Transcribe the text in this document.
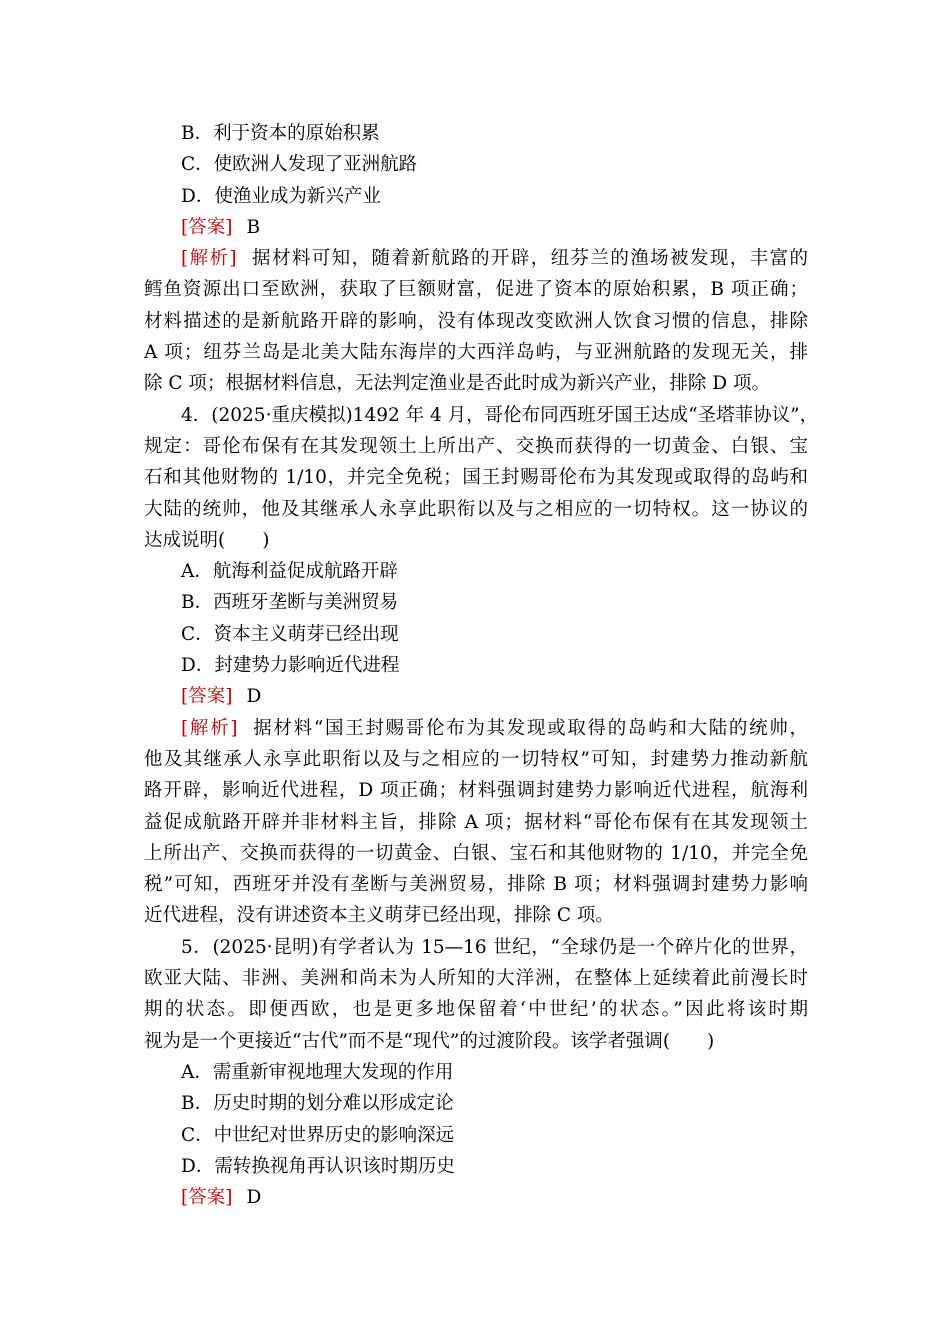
B．利于资本的原始积累
C．使欧洲人发现了亚洲航路
D．使渔业成为新兴产业
[答案] B
[解析] 据材料可知，随着新航路的开辟，纽芬兰的渔场被发现，丰富的
鳕鱼资源出口至欧洲，获取了巨额财富，促进了资本的原始积累，B 项正确；
材料描述的是新航路开辟的影响，没有体现改变欧洲人饮食习惯的信息，排除
A 项；纽芬兰岛是北美大陆东海岸的大西洋岛屿，与亚洲航路的发现无关，排
除 C 项；根据材料信息，无法判定渔业是否此时成为新兴产业，排除 D 项。
4．(2025·重庆模拟)1492 年 4 月，哥伦布同西班牙国王达成“圣塔菲协议”，
规定：哥伦布保有在其发现领土上所出产、交换而获得的一切黄金、白银、宝
石和其他财物的 1/10，并完全免税；国王封赐哥伦布为其发现或取得的岛屿和
大陆的统帅，他及其继承人永享此职衔以及与之相应的一切特权。这一协议的
达成说明(　　)
A．航海利益促成航路开辟
B．西班牙垄断与美洲贸易
C．资本主义萌芽已经出现
D．封建势力影响近代进程
[答案] D
[解析] 据材料“国王封赐哥伦布为其发现或取得的岛屿和大陆的统帅，
他及其继承人永享此职衔以及与之相应的一切特权”可知，封建势力推动新航
路开辟，影响近代进程，D 项正确；材料强调封建势力影响近代进程，航海利
益促成航路开辟并非材料主旨，排除 A 项；据材料“哥伦布保有在其发现领土
上所出产、交换而获得的一切黄金、白银、宝石和其他财物的 1/10，并完全免
税”可知，西班牙并没有垄断与美洲贸易，排除 B 项；材料强调封建势力影响
近代进程，没有讲述资本主义萌芽已经出现，排除 C 项。
5．(2025·昆明)有学者认为 15—16 世纪，“全球仍是一个碎片化的世界，
欧亚大陆、非洲、美洲和尚未为人所知的大洋洲，在整体上延续着此前漫长时
期的状态。即便西欧，也是更多地保留着‘中世纪’的状态。”因此将该时期
视为是一个更接近“古代”而不是“现代”的过渡阶段。该学者强调(　　)
A．需重新审视地理大发现的作用
B．历史时期的划分难以形成定论
C．中世纪对世界历史的影响深远
D．需转换视角再认识该时期历史
[答案] D
